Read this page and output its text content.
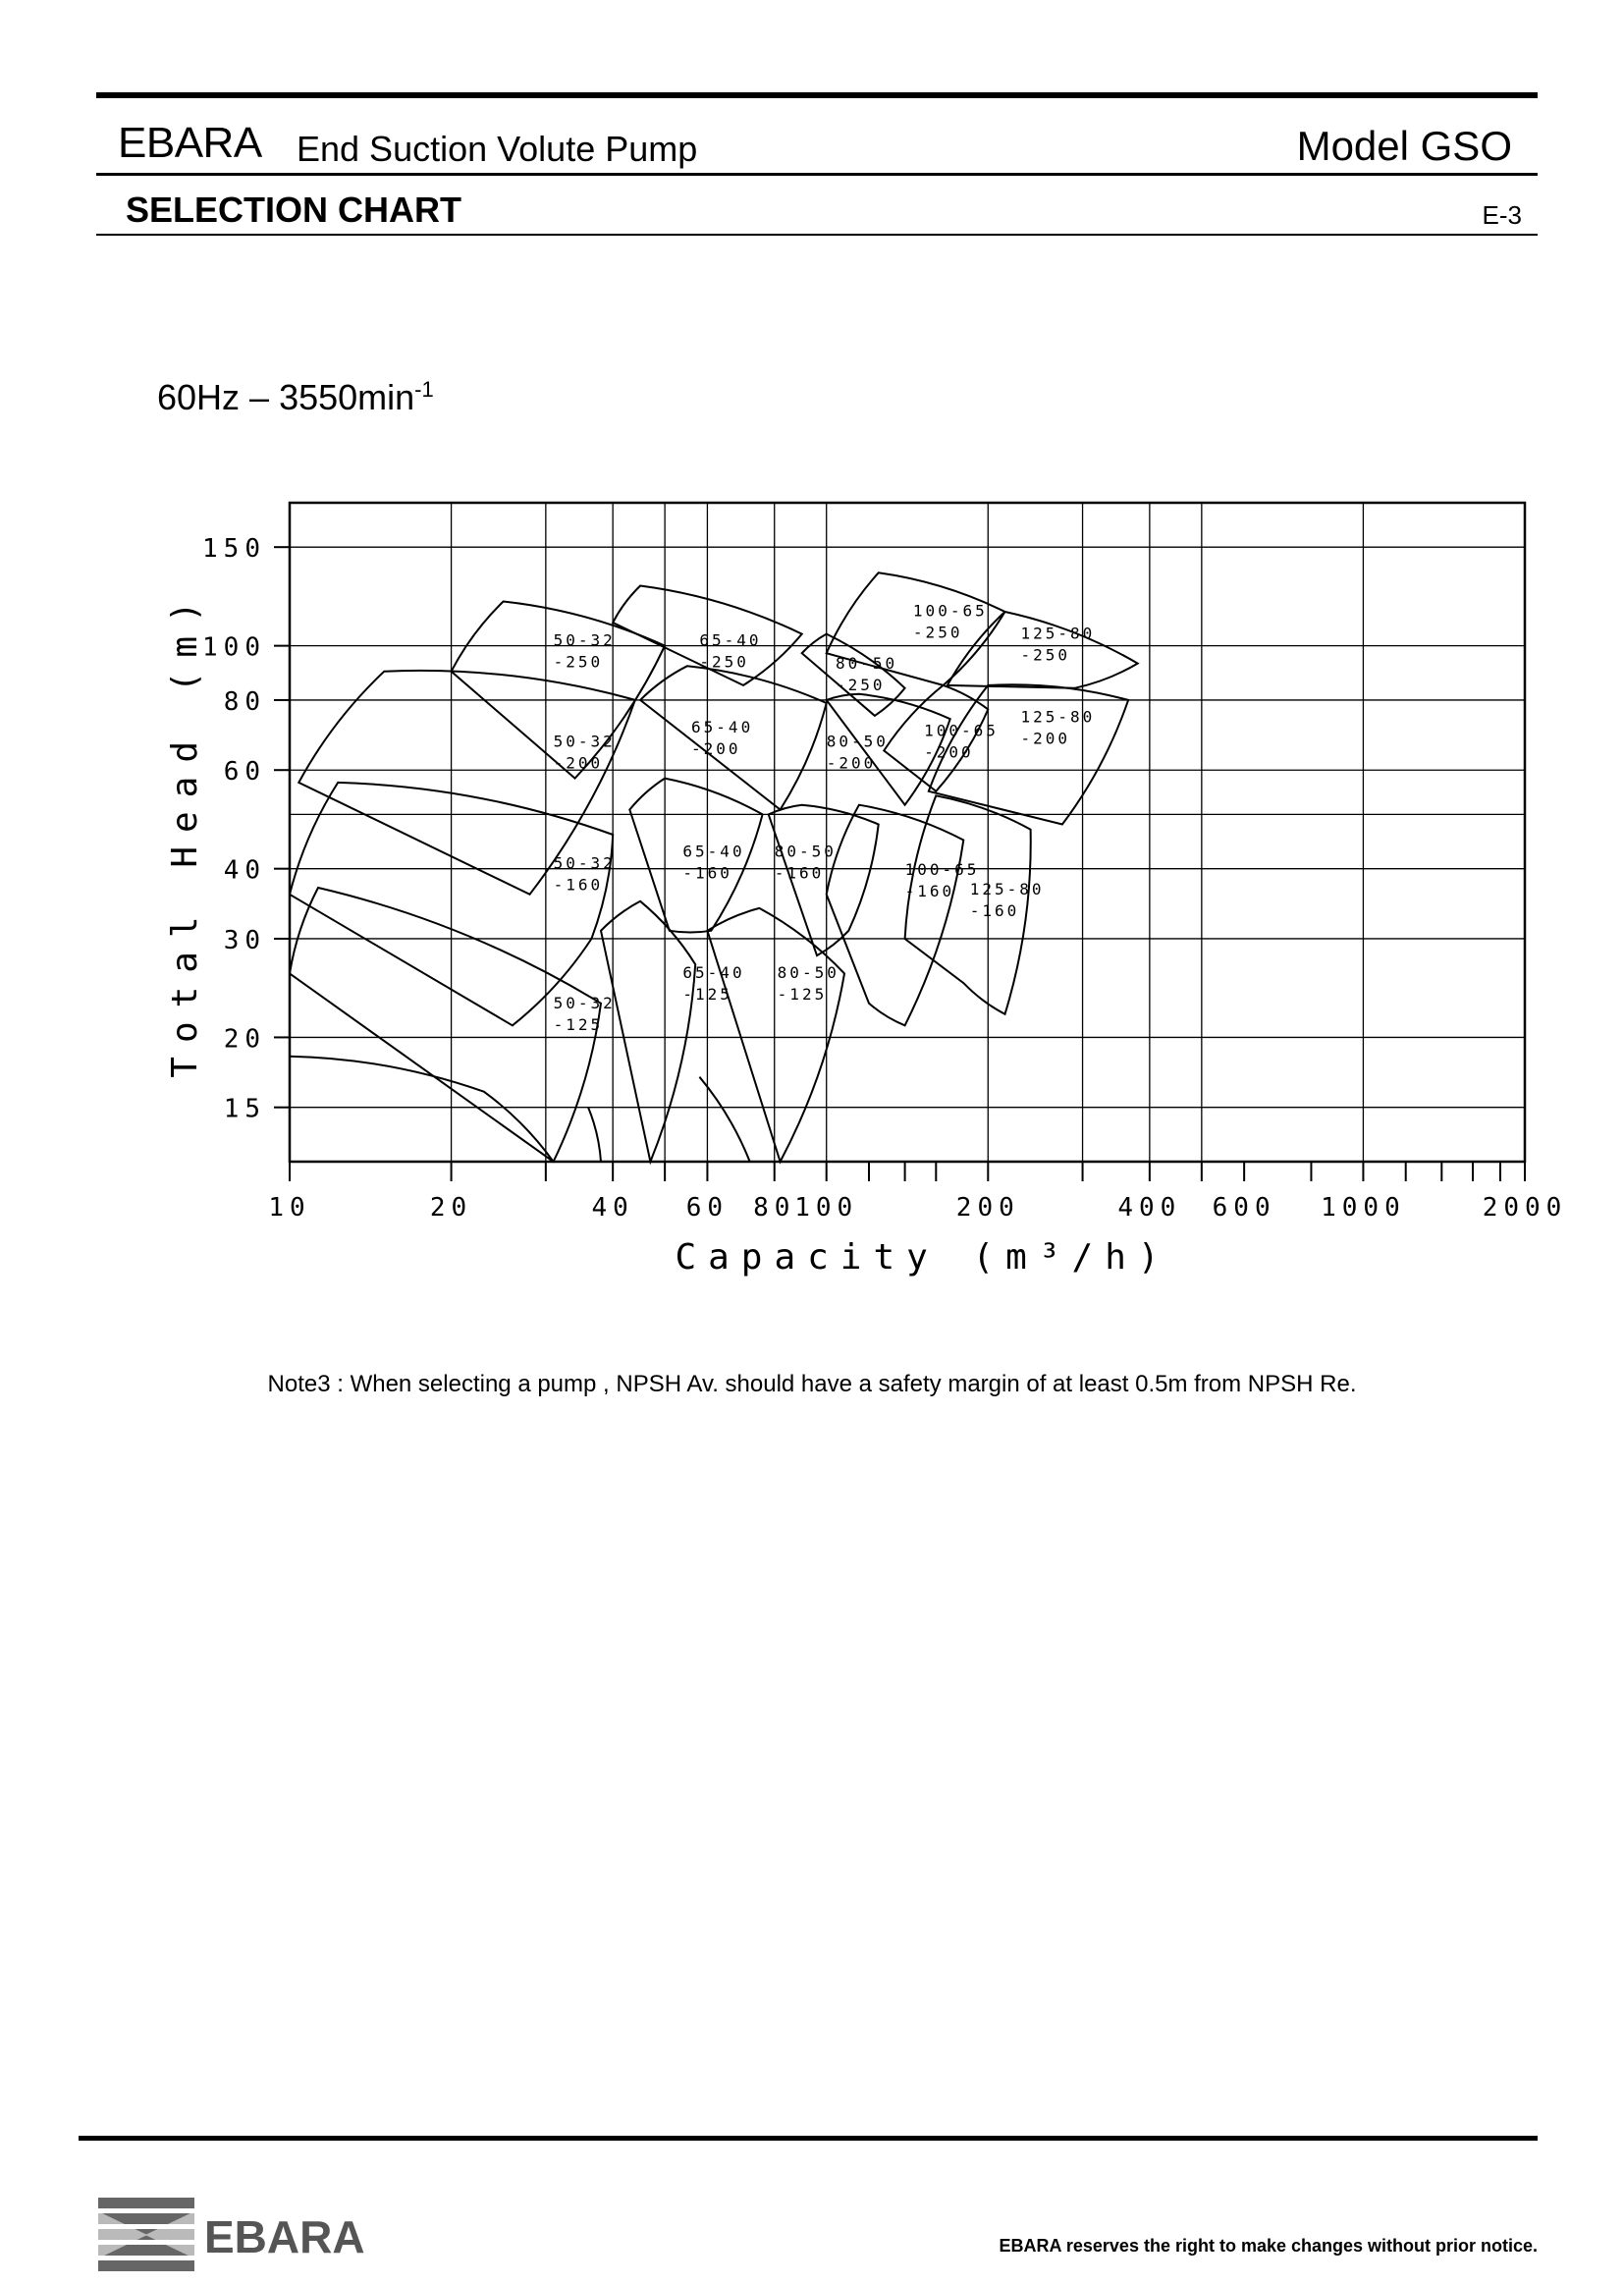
EBARA End Suction Volute Pump	Model GSO
SELECTION CHART	E-3
$60Hz - 3550\min^{-1}$
50-32
-250
50-32
-200
50-32
-160
50-32
-125
65-40
-250
65-40
-200
65-40
-160
65-40
-125
80-50
-250
80-50
-200
80-50
-160
80-50
-125
100-65
-250
100-65
-200
100-65
-160
125-80
-250
125-80
-200
125-80
-160
10	20	40 60 80
100	200	400 600 1000	2000
15
20
30
40
60
80
100
150
Total Head (m)
Capacity (m³/h)
Note3 : When selecting a pump , NPSH Av. should have a safety margin of at least 0.5m from NPSH Re.
EBARA	EBARA reserves the right to make changes without prior notice.
